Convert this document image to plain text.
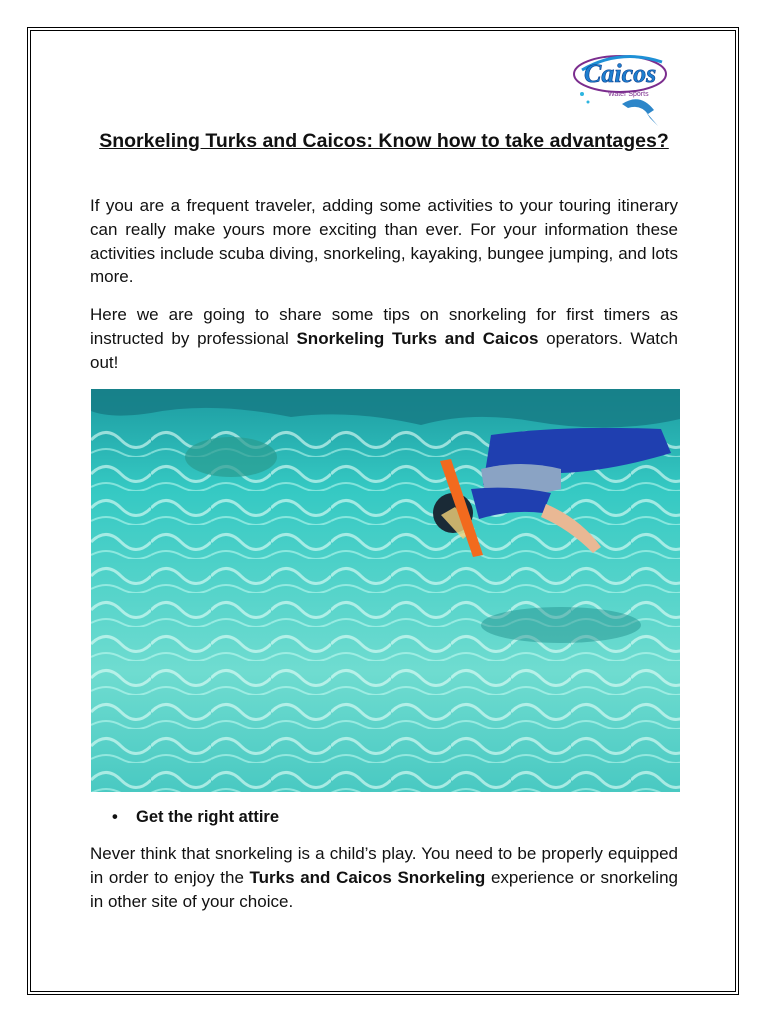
Caicos
Water Sports
Snorkeling Turks and Caicos: Know how to take advantages?

If you are a frequent traveler, adding some activities to your touring itinerary can really make yours more exciting than ever. For your information these activities include scuba diving, snorkeling, kayaking, bungee jumping, and lots more.

Here we are going to share some tips on snorkeling for first timers as instructed by professional Snorkeling Turks and Caicos operators. Watch out!

• Get the right attire

Never think that snorkeling is a child’s play. You need to be properly equipped in order to enjoy the Turks and Caicos Snorkeling experience or snorkeling in other site of your choice.
